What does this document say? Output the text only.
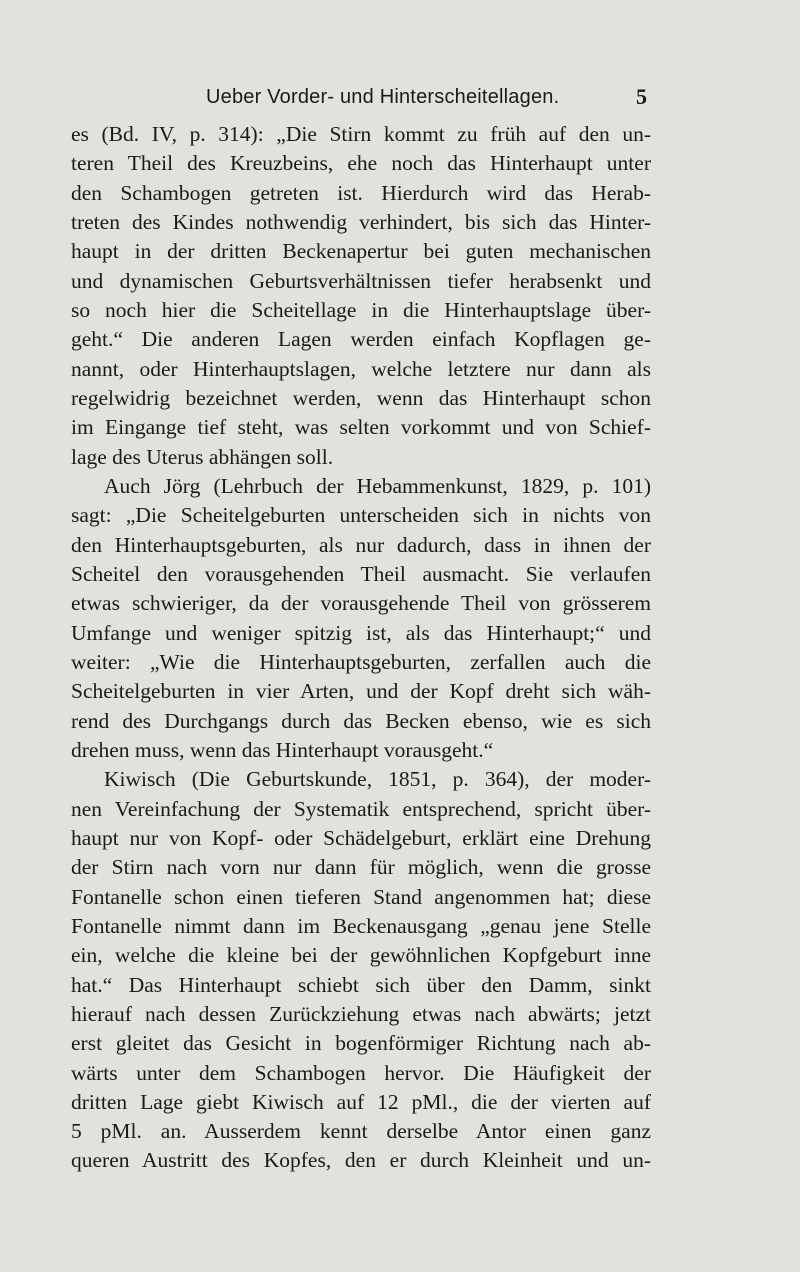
Ueber Vorder- und Hinterscheitellagen.	5
es (Bd. IV, p. 314): „Die Stirn kommt zu früh auf den un-
teren Theil des Kreuzbeins, ehe noch das Hinterhaupt unter
den Schambogen getreten ist. Hierdurch wird das Herab-
treten des Kindes nothwendig verhindert, bis sich das Hinter-
haupt in der dritten Beckenapertur bei guten mechanischen
und dynamischen Geburtsverhältnissen tiefer herabsenkt und
so noch hier die Scheitellage in die Hinterhauptslage über-
geht.“ Die anderen Lagen werden einfach Kopflagen ge-
nannt, oder Hinterhauptslagen, welche letztere nur dann als
regelwidrig bezeichnet werden, wenn das Hinterhaupt schon
im Eingange tief steht, was selten vorkommt und von Schief-
lage des Uterus abhängen soll.
Auch Jörg (Lehrbuch der Hebammenkunst, 1829, p. 101)
sagt: „Die Scheitelgeburten unterscheiden sich in nichts von
den Hinterhauptsgeburten, als nur dadurch, dass in ihnen der
Scheitel den vorausgehenden Theil ausmacht. Sie verlaufen
etwas schwieriger, da der vorausgehende Theil von grösserem
Umfange und weniger spitzig ist, als das Hinterhaupt;“ und
weiter: „Wie die Hinterhauptsgeburten, zerfallen auch die
Scheitelgeburten in vier Arten, und der Kopf dreht sich wäh-
rend des Durchgangs durch das Becken ebenso, wie es sich
drehen muss, wenn das Hinterhaupt vorausgeht.“
Kiwisch (Die Geburtskunde, 1851, p. 364), der moder-
nen Vereinfachung der Systematik entsprechend, spricht über-
haupt nur von Kopf- oder Schädelgeburt, erklärt eine Drehung
der Stirn nach vorn nur dann für möglich, wenn die grosse
Fontanelle schon einen tieferen Stand angenommen hat; diese
Fontanelle nimmt dann im Beckenausgang „genau jene Stelle
ein, welche die kleine bei der gewöhnlichen Kopfgeburt inne
hat.“ Das Hinterhaupt schiebt sich über den Damm, sinkt
hierauf nach dessen Zurückziehung etwas nach abwärts; jetzt
erst gleitet das Gesicht in bogenförmiger Richtung nach ab-
wärts unter dem Schambogen hervor. Die Häufigkeit der
dritten Lage giebt Kiwisch auf 12 pMl., die der vierten auf
5 pMl. an. Ausserdem kennt derselbe Antor einen ganz
queren Austritt des Kopfes, den er durch Kleinheit und un-
